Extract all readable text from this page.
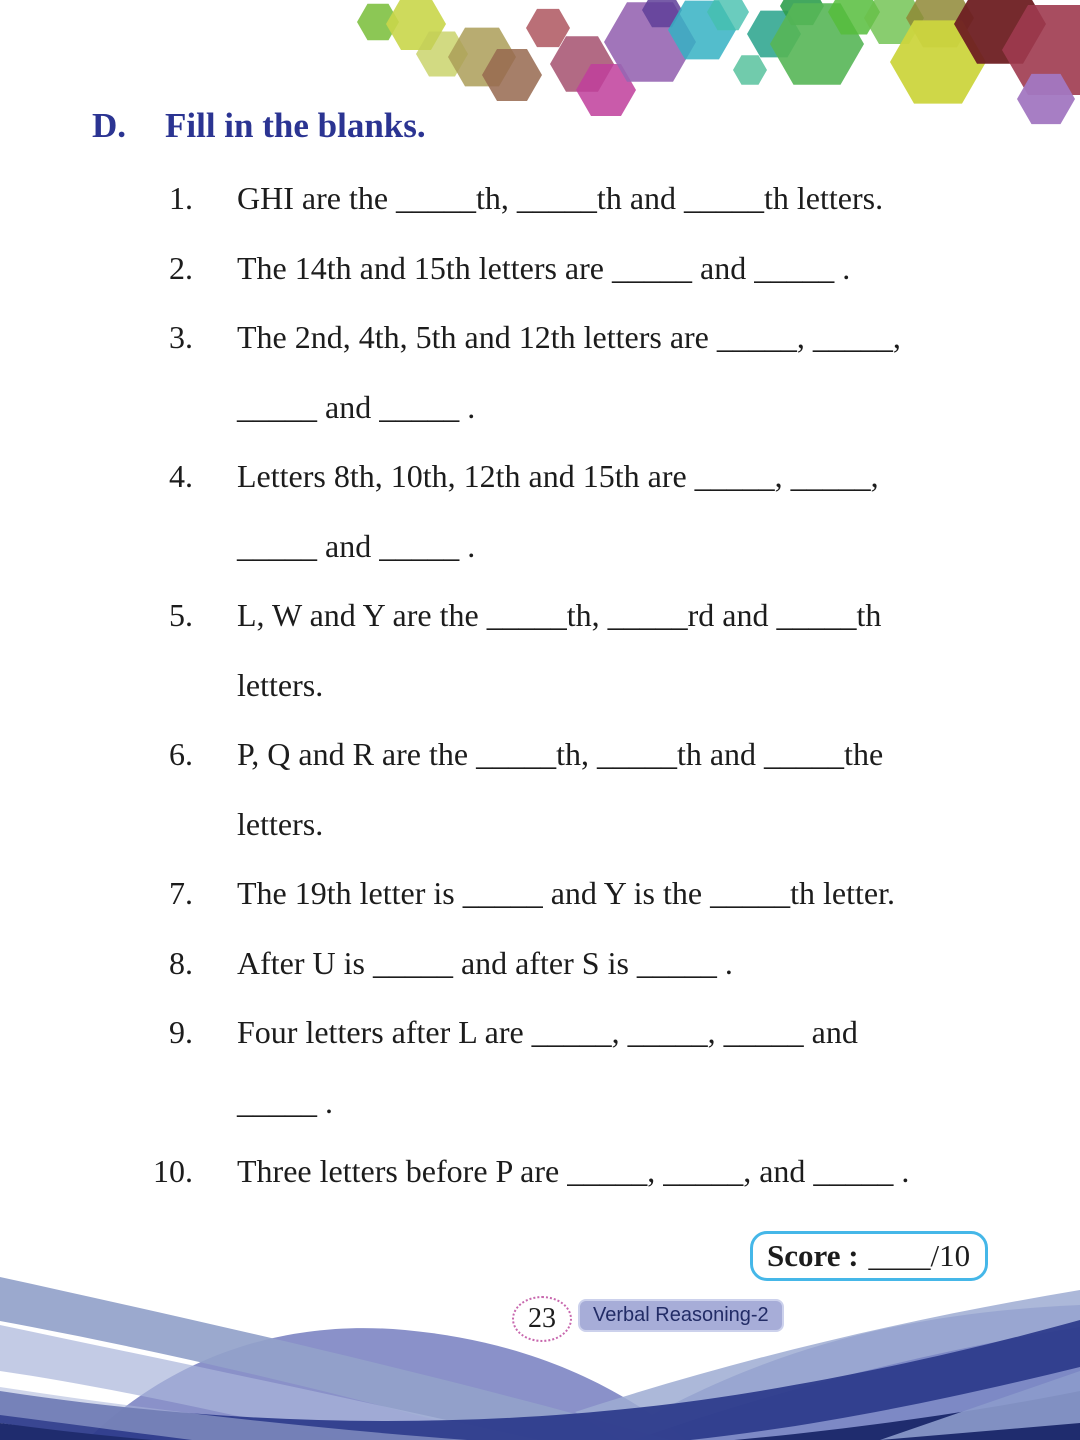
D.	Fill in the blanks.
1. GHI are the _____th, _____th and _____th letters.
2. The 14th and 15th letters are _____ and _____ .
3. The 2nd, 4th, 5th and 12th letters are _____, _____,
_____ and _____ .
4. Letters 8th, 10th, 12th and 15th are _____, _____,
_____ and _____ .
5. L, W and Y are the _____th, _____rd and _____th
letters.
6. P, Q and R are the _____th, _____th and _____the
letters.
7. The 19th letter is _____ and Y is the _____th letter.
8. After U is _____ and after S is _____ .
9. Four letters after L are _____, _____, _____ and
_____ .
10. Three letters before P are _____, _____, and _____ .
Score : ____/10
23	Verbal Reasoning-2
